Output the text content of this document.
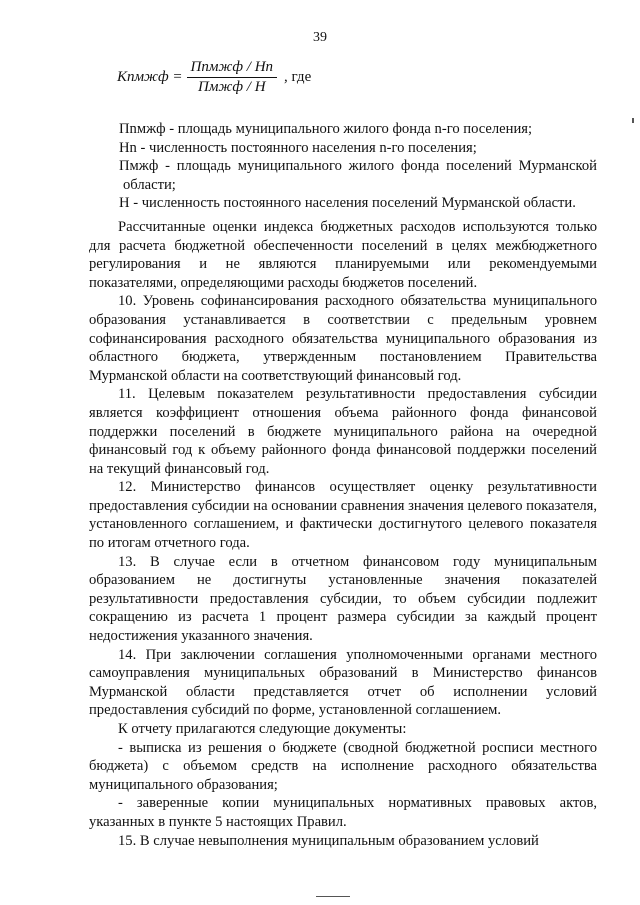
39
Кпмжф = $\frac{\text{Пnмжф / Нn}}{\text{Пмжф / Н}}$ , где

Пnмжф - площадь муниципального жилого фонда n-го поселения;

Нn - численность постоянного населения n-го поселения;

Пмжф - площадь муниципального жилого фонда поселений Мурманской области;

Н - численность постоянного населения поселений Мурманской области.

Рассчитанные оценки индекса бюджетных расходов используются только для расчета бюджетной обеспеченности поселений в целях межбюджетного регулирования и не являются планируемыми или рекомендуемыми показателями, определяющими расходы бюджетов поселений.

10. Уровень софинансирования расходного обязательства муниципального образования устанавливается в соответствии с предельным уровнем софинансирования расходного обязательства муниципального образования из областного бюджета, утвержденным постановлением Правительства Мурманской области на соответствующий финансовый год.

11. Целевым показателем результативности предоставления субсидии является коэффициент отношения объема районного фонда финансовой поддержки поселений в бюджете муниципального района на очередной финансовый год к объему районного фонда финансовой поддержки поселений на текущий финансовый год.

12. Министерство финансов осуществляет оценку результативности предоставления субсидии на основании сравнения значения целевого показателя, установленного соглашением, и фактически достигнутого целевого показателя по итогам отчетного года.

13. В случае если в отчетном финансовом году муниципальным образованием не достигнуты установленные значения показателей результативности предоставления субсидии, то объем субсидии подлежит сокращению из расчета 1 процент размера субсидии за каждый процент недостижения указанного значения.

14. При заключении соглашения уполномоченными органами местного самоуправления муниципальных образований в Министерство финансов Мурманской области представляется отчет об исполнении условий предоставления субсидий по форме, установленной соглашением.

К отчету прилагаются следующие документы:

- выписка из решения о бюджете (сводной бюджетной росписи местного бюджета) с объемом средств на исполнение расходного обязательства муниципального образования;

- заверенные копии муниципальных нормативных правовых актов, указанных в пункте 5 настоящих Правил.

15. В случае невыполнения муниципальным образованием условий
